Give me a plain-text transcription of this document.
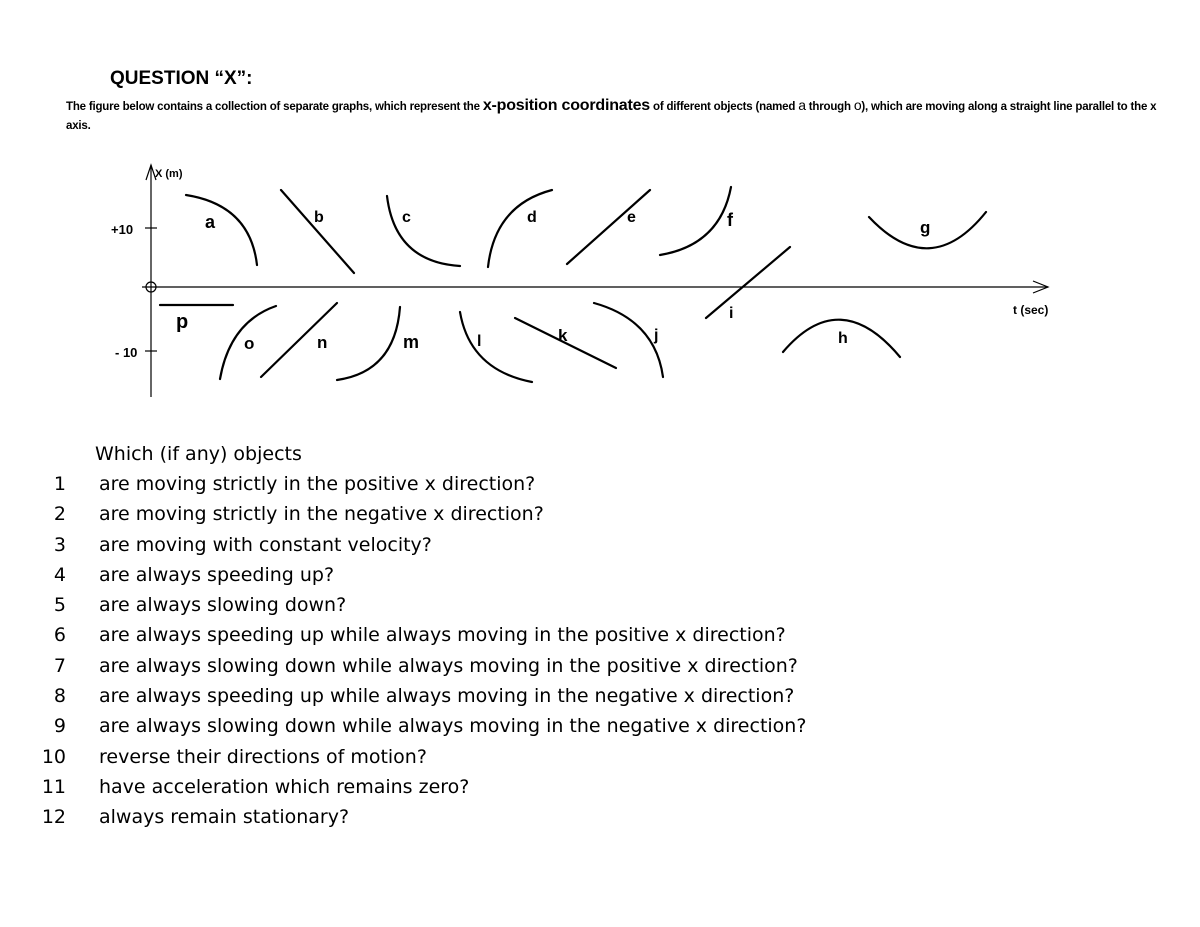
QUESTION “X”:
The figure below contains a collection of separate graphs, which represent the x-position coordinates of different objects (named a through o), which are moving along a straight line parallel to the x axis.
X (m)
t (sec)
+10
- 10
a	b	c	d	e	f	g
h
i
j
k
l
m
n
o
p
Which (if any) objects
1 are moving strictly in the positive x direction?
2 are moving strictly in the negative x direction?
3 are moving with constant velocity?
4 are always speeding up?
5 are always slowing down?
6 are always speeding up while always moving in the positive x direction?
7 are always slowing down while always moving in the positive x direction?
8 are always speeding up while always moving in the negative x direction?
9 are always slowing down while always moving in the negative x direction?
10 reverse their directions of motion?
11 have acceleration which remains zero?
12 always remain stationary?
